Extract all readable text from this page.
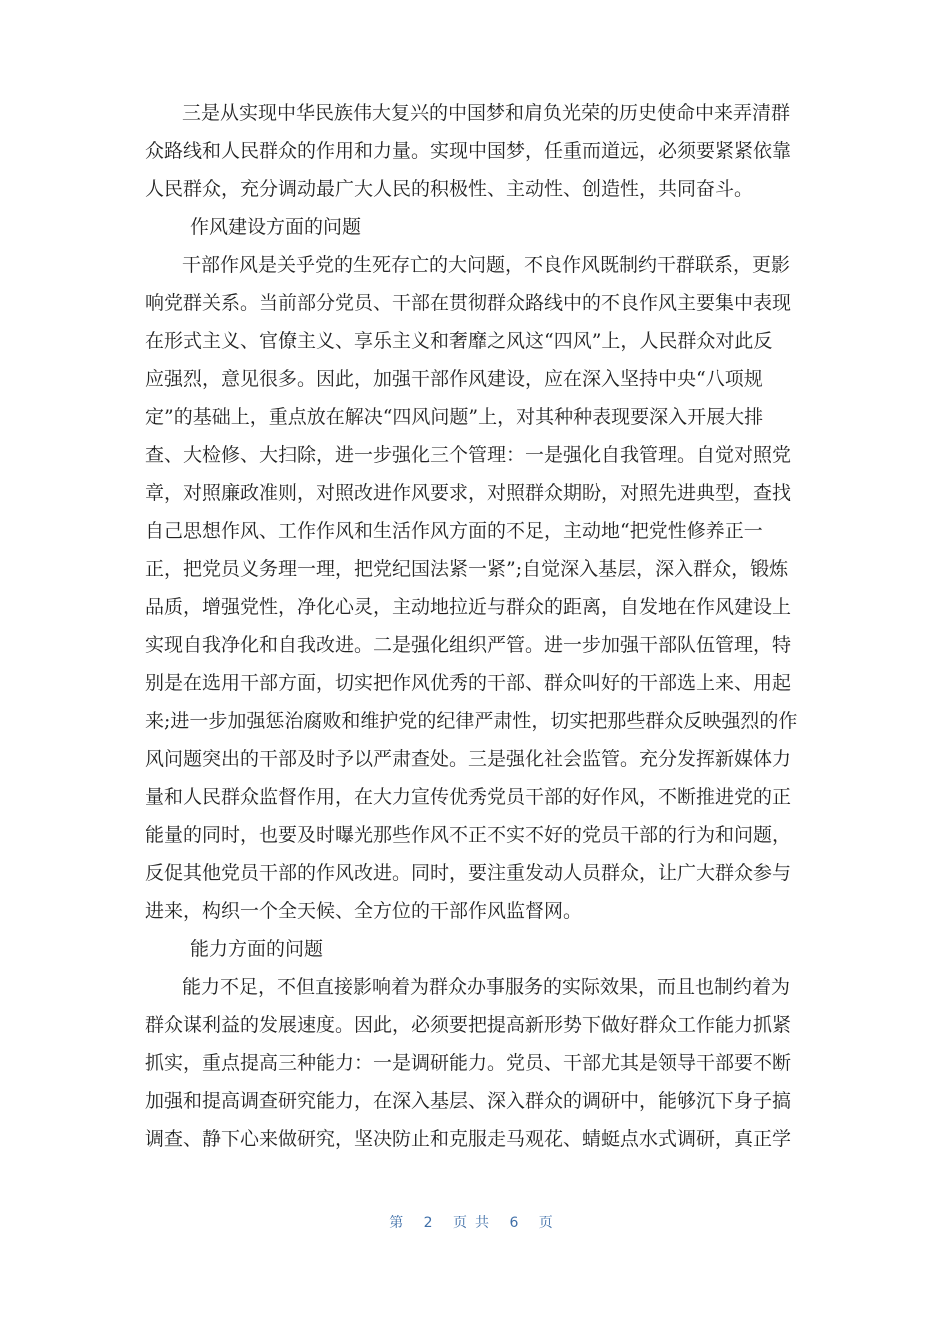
三是从实现中华民族伟大复兴的中国梦和肩负光荣的历史使命中来弄清群
众路线和人民群众的作用和力量。实现中国梦，任重而道远，必须要紧紧依靠
人民群众，充分调动最广大人民的积极性、主动性、创造性，共同奋斗。
作风建设方面的问题
干部作风是关乎党的生死存亡的大问题，不良作风既制约干群联系，更影
响党群关系。当前部分党员、干部在贯彻群众路线中的不良作风主要集中表现
在形式主义、官僚主义、享乐主义和奢靡之风这“四风”上，人民群众对此反
应强烈，意见很多。因此，加强干部作风建设，应在深入坚持中央“八项规
定”的基础上，重点放在解决“四风问题”上，对其种种表现要深入开展大排
查、大检修、大扫除，进一步强化三个管理：一是强化自我管理。自觉对照党
章，对照廉政准则，对照改进作风要求，对照群众期盼，对照先进典型，查找
自己思想作风、工作作风和生活作风方面的不足，主动地“把党性修养正一
正，把党员义务理一理，把党纪国法紧一紧”;自觉深入基层，深入群众，锻炼
品质，增强党性，净化心灵，主动地拉近与群众的距离，自发地在作风建设上
实现自我净化和自我改进。二是强化组织严管。进一步加强干部队伍管理，特
别是在选用干部方面，切实把作风优秀的干部、群众叫好的干部选上来、用起
来;进一步加强惩治腐败和维护党的纪律严肃性，切实把那些群众反映强烈的作
风问题突出的干部及时予以严肃查处。三是强化社会监管。充分发挥新媒体力
量和人民群众监督作用，在大力宣传优秀党员干部的好作风，不断推进党的正
能量的同时，也要及时曝光那些作风不正不实不好的党员干部的行为和问题，
反促其他党员干部的作风改进。同时，要注重发动人员群众，让广大群众参与
进来，构织一个全天候、全方位的干部作风监督网。
能力方面的问题
能力不足，不但直接影响着为群众办事服务的实际效果，而且也制约着为
群众谋利益的发展速度。因此，必须要把提高新形势下做好群众工作能力抓紧
抓实，重点提高三种能力：一是调研能力。党员、干部尤其是领导干部要不断
加强和提高调查研究能力，在深入基层、深入群众的调研中，能够沉下身子搞
调查、静下心来做研究，坚决防止和克服走马观花、蜻蜓点水式调研，真正学
第 2 页共 6 页
